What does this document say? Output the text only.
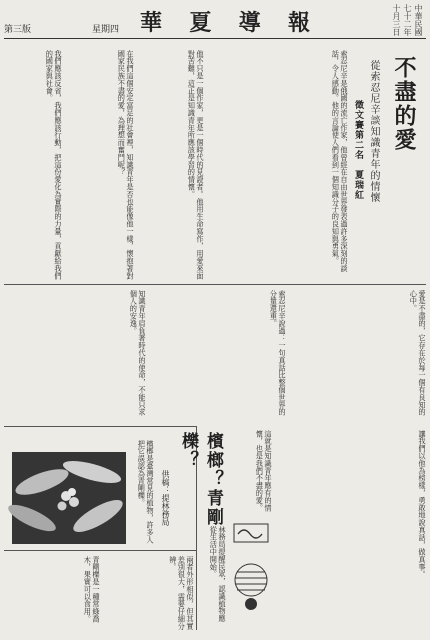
中華民國七十二年十月三日
華 夏 導 報
星期四
第三版
不盡的愛
從索忍尼辛談知識青年的情懷
徵文賽第二名　夏瑞紅
索忍尼辛是俄國的流亡作家，他曾經在自由世界發表過許多深刻的談話，令人感動。他的言論使人們看到一個知識分子的良知與勇氣。
他不只是一個作家，更是一個時代的見證者。他用生命寫作，用愛來面對苦難，這正是知識青年所應該學習的情懷。
在我們這個安定富足的社會裡，知識青年是否也能像他一樣，懷抱著對國家民族不盡的愛，為理想而奮鬥呢？
我們應該反省，我們應該行動，把這份愛化為實際的力量，貢獻給我們的國家與社會。
愛是不盡的，它存在於每一個有良知的心中。
索忍尼辛說過：一句真話比整個世界的分量還重。
知識青年肩負著時代的使命，不能只求個人的安逸。
讓我們以他為榜樣，勇敢地說真話，做真事。
這就是知識青年應有的情懷，也是我們不盡的愛。
檳榔？青剛櫟？
供稿：提林務局
檳榔是臺灣常見的植物，許多人把它誤認為青剛櫟。
青剛櫟是一種常綠喬木，果實可以食用。	兩者外形相似，但其實差別很大，需要仔細分辨。	林務局提醒民眾，認識植物應從生活中開始。
